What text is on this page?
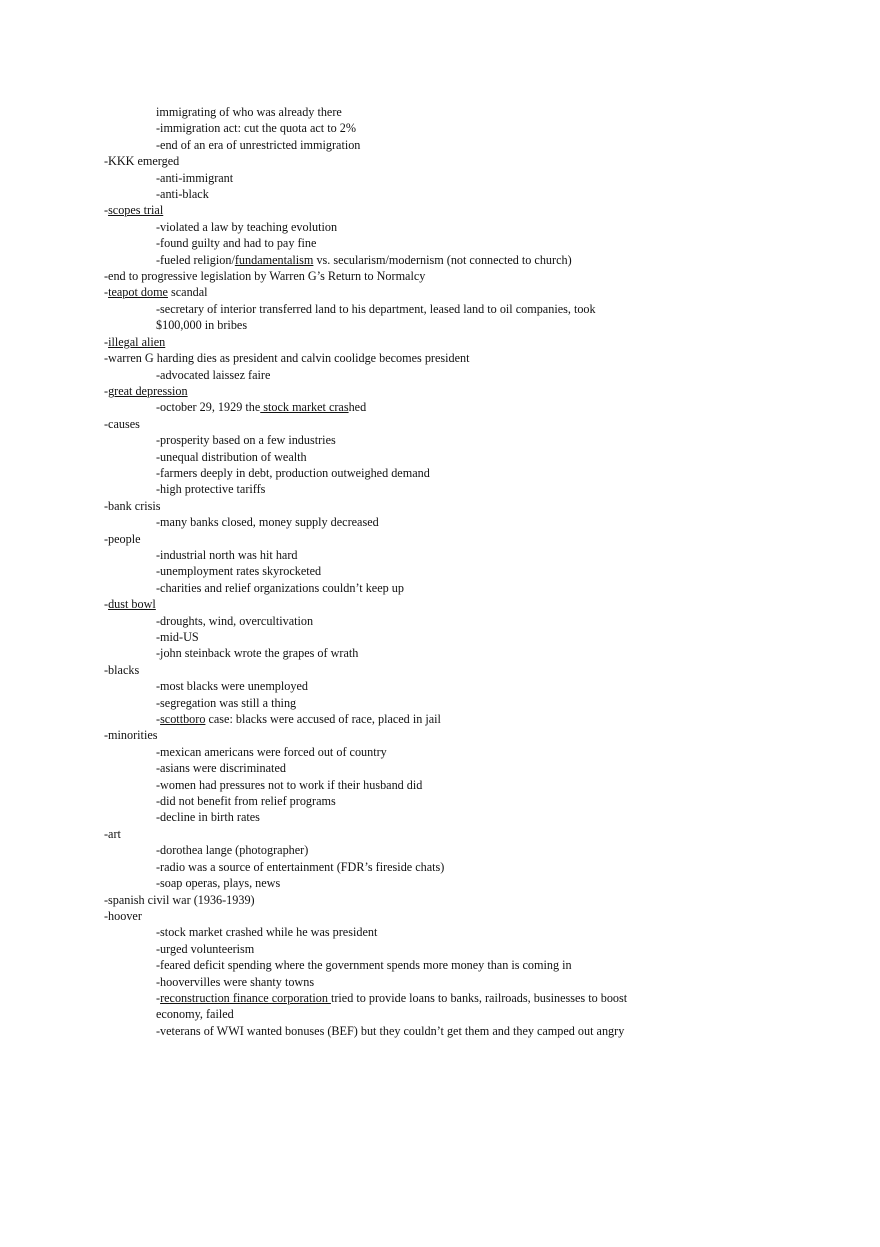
immigrating of who was already there
-immigration act: cut the quota act to 2%
-end of an era of unrestricted immigration
-KKK emerged
-anti-immigrant
-anti-black
-scopes trial
-violated a law by teaching evolution
-found guilty and had to pay fine
-fueled religion/fundamentalism vs. secularism/modernism (not connected to church)
-end to progressive legislation by Warren G’s Return to Normalcy
-teapot dome scandal
-secretary of interior transferred land to his department, leased land to oil companies, took
$100,000 in bribes
-illegal alien
-warren G harding dies as president and calvin coolidge becomes president
-advocated laissez faire
-great depression
-october 29, 1929 the stock market crashed
-causes
-prosperity based on a few industries
-unequal distribution of wealth
-farmers deeply in debt, production outweighed demand
-high protective tariffs
-bank crisis
-many banks closed, money supply decreased
-people
-industrial north was hit hard
-unemployment rates skyrocketed
-charities and relief organizations couldn’t keep up
-dust bowl
-droughts, wind, overcultivation
-mid-US
-john steinback wrote the grapes of wrath
-blacks
-most blacks were unemployed
-segregation was still a thing
-scottboro case: blacks were accused of race, placed in jail
-minorities
-mexican americans were forced out of country
-asians were discriminated
-women had pressures not to work if their husband did
-did not benefit from relief programs
-decline in birth rates
-art
-dorothea lange (photographer)
-radio was a source of entertainment (FDR’s fireside chats)
-soap operas, plays, news
-spanish civil war (1936-1939)
-hoover
-stock market crashed while he was president
-urged volunteerism
-feared deficit spending where the government spends more money than is coming in
-hoovervilles were shanty towns
-reconstruction finance corporation tried to provide loans to banks, railroads, businesses to boost
economy, failed
-veterans of WWI wanted bonuses (BEF) but they couldn’t get them and they camped out angry
